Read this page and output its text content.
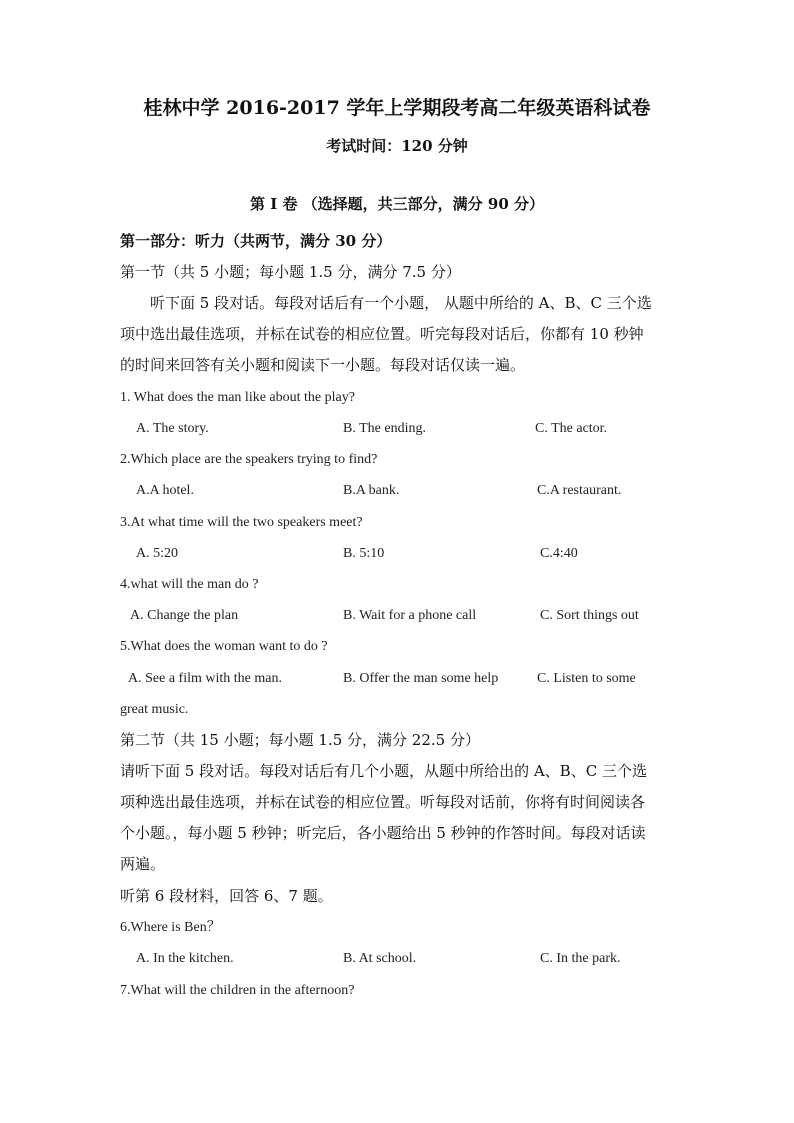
桂林中学 2016-2017 学年上学期段考高二年级英语科试卷
考试时间：120 分钟
第 I 卷 （选择题，共三部分，满分 90 分）
第一部分：听力（共两节，满分 30 分）
第一节（共 5 小题；每小题 1.5 分，满分 7.5 分）
听下面 5 段对话。每段对话后有一个小题， 从题中所给的 A、B、C 三个选
项中选出最佳选项，并标在试卷的相应位置。听完每段对话后，你都有 10 秒钟
的时间来回答有关小题和阅读下一小题。每段对话仅读一遍。
1. What does the man like about the play?
A. The story.	B. The ending.	C. The actor.
2.Which place are the speakers trying to find?
A.A hotel.	B.A bank.	C.A restaurant.
3.At what time will the two speakers meet?
A. 5:20	B. 5:10	C.4:40
4.what will the man do ?
A. Change the plan	B. Wait for a phone call	C. Sort things out
5.What does the woman want to do ?
A. See a film with the man.	B. Offer the man some help	C. Listen to some
great music.
第二节（共 15 小题；每小题 1.5 分，满分 22.5 分）
请听下面 5 段对话。每段对话后有几个小题，从题中所给出的 A、B、C 三个选
项种选出最佳选项，并标在试卷的相应位置。听每段对话前，你将有时间阅读各
个小题。，每小题 5 秒钟；听完后，各小题给出 5 秒钟的作答时间。每段对话读
两遍。
听第 6 段材料，回答 6、7 题。
6.Where is Ben？
A. In the kitchen.	B. At school.	C. In the park.
7.What will the children in the afternoon?
